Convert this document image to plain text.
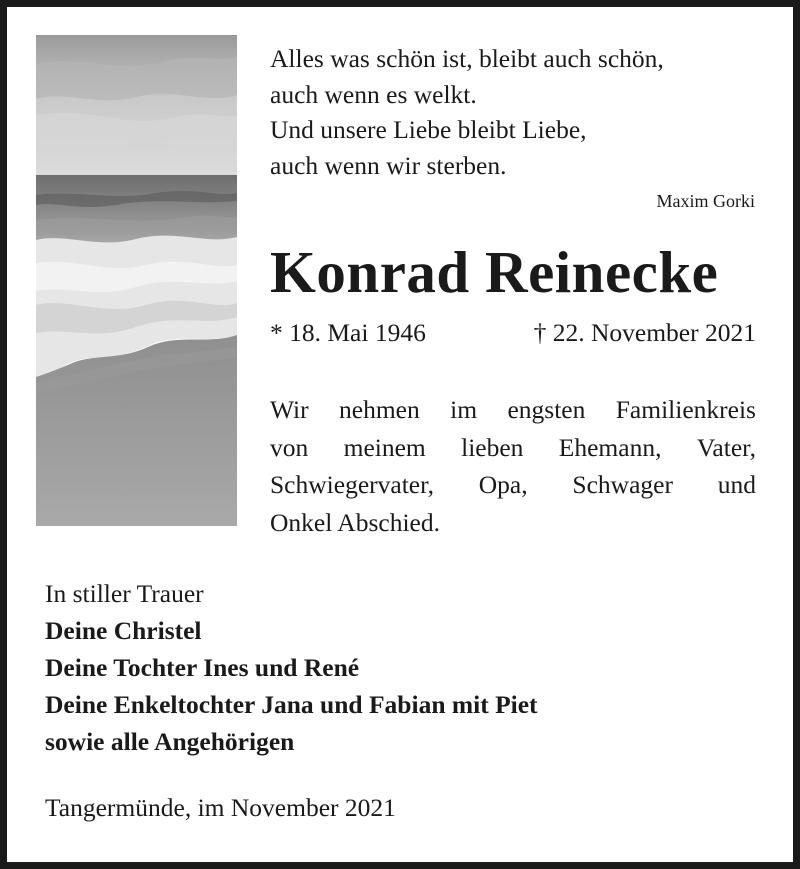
Alles was schön ist, bleibt auch schön,
auch wenn es welkt.
Und unsere Liebe bleibt Liebe,
auch wenn wir sterben.
Maxim Gorki
Konrad Reinecke
* 18. Mai 1946	† 22. November 2021
Wir nehmen im engsten Familienkreis
von meinem lieben Ehemann, Vater,
Schwiegervater, Opa, Schwager und
Onkel Abschied.
In stiller Trauer
Deine Christel
Deine Tochter Ines und René
Deine Enkeltochter Jana und Fabian mit Piet
sowie alle Angehörigen
Tangermünde, im November 2021
